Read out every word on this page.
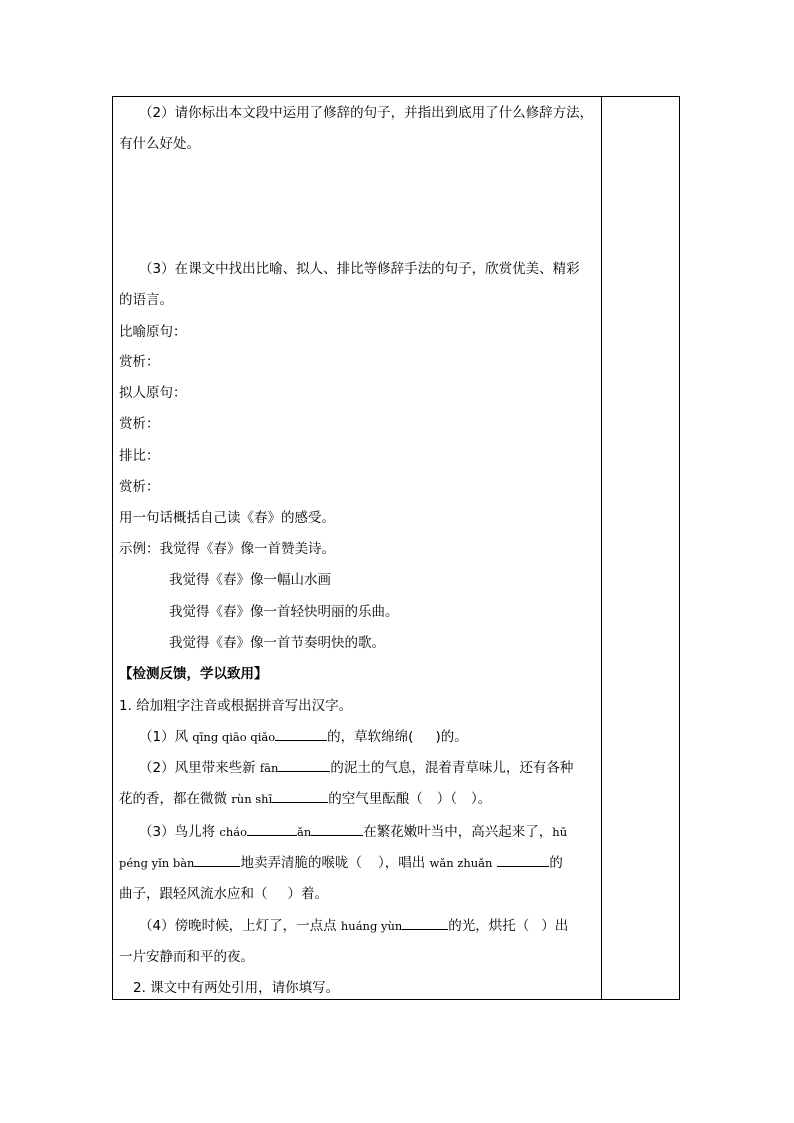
（2）请你标出本文段中运用了修辞的句子，并指出到底用了什么修辞方法，
有什么好处。
（3）在课文中找出比喻、拟人、排比等修辞手法的句子，欣赏优美、精彩
的语言。
比喻原句：
赏析：
拟人原句：
赏析：
排比：
赏析：
用一句话概括自己读《春》的感受。
示例：我觉得《春》像一首赞美诗。
我觉得《春》像一幅山水画
我觉得《春》像一首轻快明丽的乐曲。
我觉得《春》像一首节奏明快的歌。
【检测反馈，学以致用】
1. 给加粗字注音或根据拼音写出汉字。
（1）风 qīng qiāo qiǎo	的，草软绵绵( )的。
（2）风里带来些新 fān	的泥土的气息，混着青草味儿，还有各种
花的香，都在微微 rùn shī	的空气里酝酿（ ）（ ）。
（3）鸟儿将 cháo	ǎn	在繁花嫩叶当中，高兴起来了，hū
péng yǐn bàn	地卖弄清脆的喉咙（ ），唱出 wǎn zhuǎn	的
曲子，跟轻风流水应和（ ）着。
（4）傍晚时候，上灯了，一点点 huáng yùn	的光，烘托（ ）出
一片安静而和平的夜。
2. 课文中有两处引用，请你填写。
